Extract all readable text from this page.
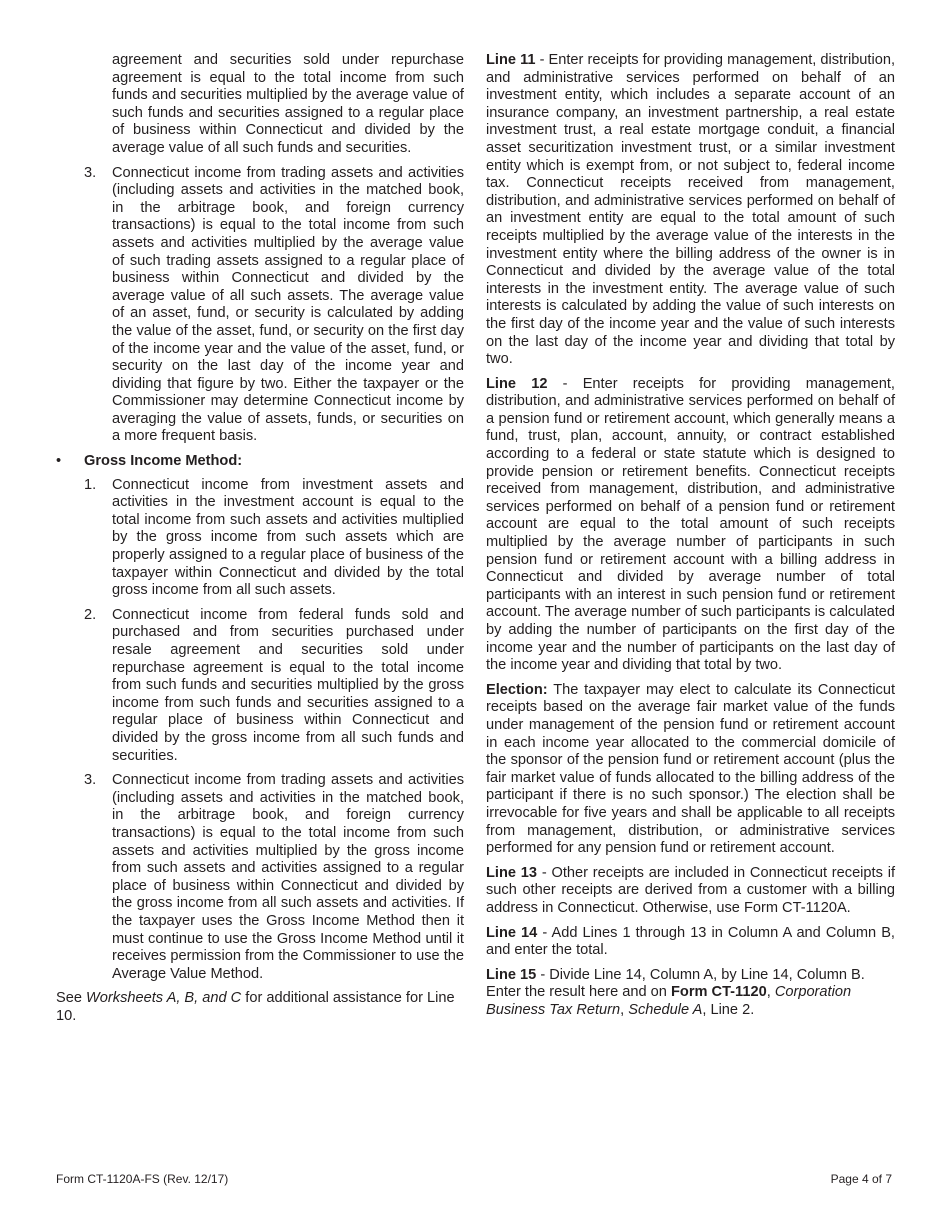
agreement and securities sold under repurchase agreement is equal to the total income from such funds and securities multiplied by the average value of such funds and securities assigned to a regular place of business within Connecticut and divided by the average value of all such funds and securities.

3. Connecticut income from trading assets and activities (including assets and activities in the matched book, in the arbitrage book, and foreign currency transactions) is equal to the total income from such assets and activities multiplied by the average value of such trading assets assigned to a regular place of business within Connecticut and divided by the average value of all such assets. The average value of an asset, fund, or security is calculated by adding the value of the asset, fund, or security on the first day of the income year and the value of the asset, fund, or security on the last day of the income year and dividing that figure by two. Either the taxpayer or the Commissioner may determine Connecticut income by averaging the value of assets, funds, or securities on a more frequent basis.

• Gross Income Method:
1. Connecticut income from investment assets and activities in the investment account is equal to the total income from such assets and activities multiplied by the gross income from such assets which are properly assigned to a regular place of business of the taxpayer within Connecticut and divided by the total gross income from all such assets.

2. Connecticut income from federal funds sold and purchased and from securities purchased under resale agreement and securities sold under repurchase agreement is equal to the total income from such funds and securities multiplied by the gross income from such funds and securities assigned to a regular place of business within Connecticut and divided by the gross income from all such funds and securities.

3. Connecticut income from trading assets and activities (including assets and activities in the matched book, in the arbitrage book, and foreign currency transactions) is equal to the total income from such assets and activities multiplied by the gross income from such assets and activities assigned to a regular place of business within Connecticut and divided by the gross income from all such assets and activities. If the taxpayer uses the Gross Income Method then it must continue to use the Gross Income Method until it receives permission from the Commissioner to use the Average Value Method.

See Worksheets A, B, and C for additional assistance for Line 10.

Line 11 - Enter receipts for providing management, distribution, and administrative services performed on behalf of an investment entity, which includes a separate account of an insurance company, an investment partnership, a real estate investment trust, a real estate mortgage conduit, a financial asset securitization investment trust, or a similar investment entity which is exempt from, or not subject to, federal income tax. Connecticut receipts received from management, distribution, and administrative services performed on behalf of an investment entity are equal to the total amount of such receipts multiplied by the average value of the interests in the investment entity where the billing address of the owner is in Connecticut and divided by the average value of the total interests in the investment entity. The average value of such interests is calculated by adding the value of such interests on the first day of the income year and the value of such interests on the last day of the income year and dividing that total by two.

Line 12 - Enter receipts for providing management, distribution, and administrative services performed on behalf of a pension fund or retirement account, which generally means a fund, trust, plan, account, annuity, or contract established according to a federal or state statute which is designed to provide pension or retirement benefits. Connecticut receipts received from management, distribution, and administrative services performed on behalf of a pension fund or retirement account are equal to the total amount of such receipts multiplied by the average number of participants in such pension fund or retirement account with a billing address in Connecticut and divided by average number of total participants with an interest in such pension fund or retirement account. The average number of such participants is calculated by adding the number of participants on the first day of the income year and the number of participants on the last day of the income year and dividing that total by two.

Election: The taxpayer may elect to calculate its Connecticut receipts based on the average fair market value of the funds under management of the pension fund or retirement account in each income year allocated to the commercial domicile of the sponsor of the pension fund or retirement account (plus the fair market value of funds allocated to the billing address of the participant if there is no such sponsor.) The election shall be irrevocable for five years and shall be applicable to all receipts from management, distribution, or administrative services performed for any pension fund or retirement account.

Line 13 - Other receipts are included in Connecticut receipts if such other receipts are derived from a customer with a billing address in Connecticut. Otherwise, use Form CT-1120A.

Line 14 - Add Lines 1 through 13 in Column A and Column B, and enter the total.

Line 15 - Divide Line 14, Column A, by Line 14, Column B. Enter the result here and on Form CT-1120, Corporation Business Tax Return, Schedule A, Line 2.

Form CT-1120A-FS (Rev. 12/17)	Page 4 of 7
